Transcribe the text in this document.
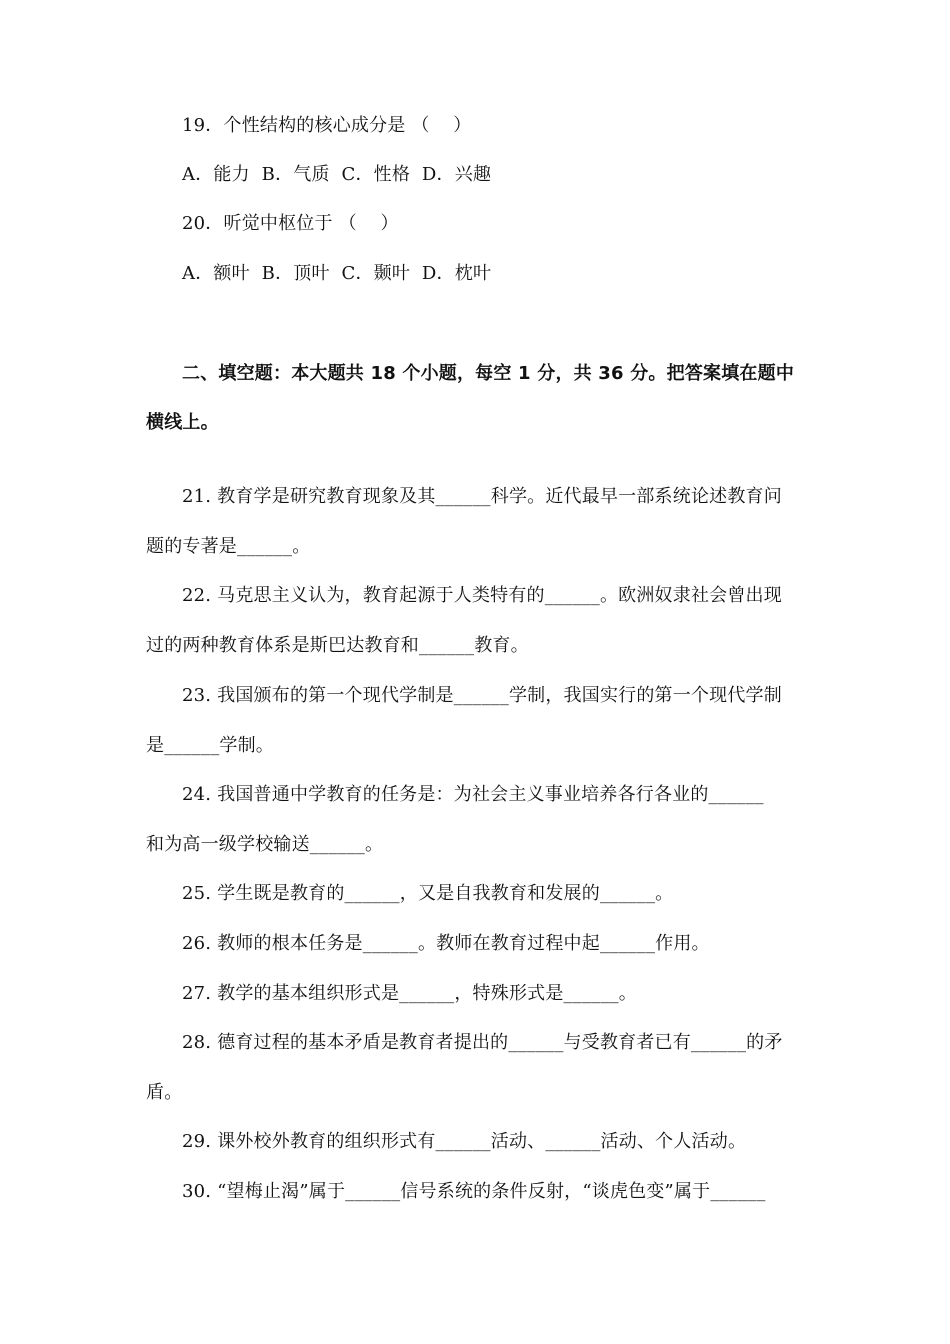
19．个性结构的核心成分是 （    ）
A．能力  B．气质  C．性格  D．兴趣
20．听觉中枢位于 （    ）
A．额叶  B．顶叶  C．颞叶  D．枕叶
二、填空题：本大题共 18 个小题，每空 1 分，共 36 分。把答案填在题中
横线上。
21. 教育学是研究教育现象及其______科学。近代最早一部系统论述教育问
题的专著是______。
22. 马克思主义认为，教育起源于人类特有的______。欧洲奴隶社会曾出现
过的两种教育体系是斯巴达教育和______教育。
23. 我国颁布的第一个现代学制是______学制，我国实行的第一个现代学制
是______学制。
24. 我国普通中学教育的任务是：为社会主义事业培养各行各业的______
和为高一级学校输送______。
25. 学生既是教育的______，又是自我教育和发展的______。
26. 教师的根本任务是______。教师在教育过程中起______作用。
27. 教学的基本组织形式是______，特殊形式是______。
28. 德育过程的基本矛盾是教育者提出的______与受教育者已有______的矛
盾。
29. 课外校外教育的组织形式有______活动、______活动、个人活动。
30. “望梅止渴”属于______信号系统的条件反射，“谈虎色变”属于______
